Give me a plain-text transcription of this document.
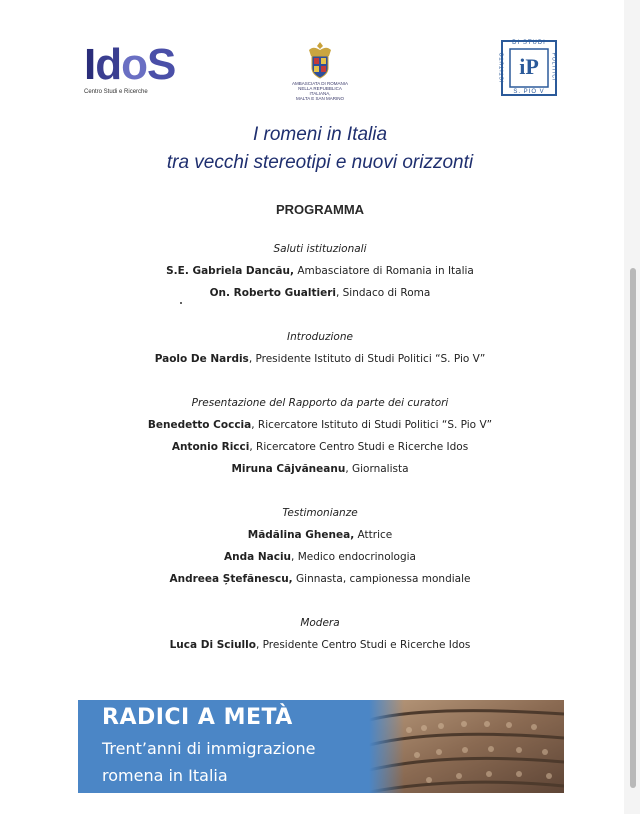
IdoS
Centro Studi e Ricerche
AMBASCIATA DI ROMANIA
NELLA REPUBBLICA ITALIANA,
MALTA E SAN MARINO
DI STUDI
ISTITUTO	POLITICI
S. PIO V
iP
I romeni in Italia
tra vecchi stereotipi e nuovi orizzonti
PROGRAMMA
Saluti istituzionali
S.E. Gabriela Dancău, Ambasciatore di Romania in Italia
On. Roberto Gualtieri, Sindaco di Roma
Introduzione
Paolo De Nardis, Presidente Istituto di Studi Politici “S. Pio V”
Presentazione del Rapporto da parte dei curatori
Benedetto Coccia, Ricercatore Istituto di Studi Politici “S. Pio V”
Antonio Ricci, Ricercatore Centro Studi e Ricerche Idos
Miruna Căjvăneanu, Giornalista
Testimonianze
Mădălina Ghenea, Attrice
Anda Naciu, Medico endocrinologia
Andreea Ștefănescu, Ginnasta, campionessa mondiale
Modera
Luca Di Sciullo, Presidente Centro Studi e Ricerche Idos
RADICI A METÀ
Trent’anni di immigrazione
romena in Italia
